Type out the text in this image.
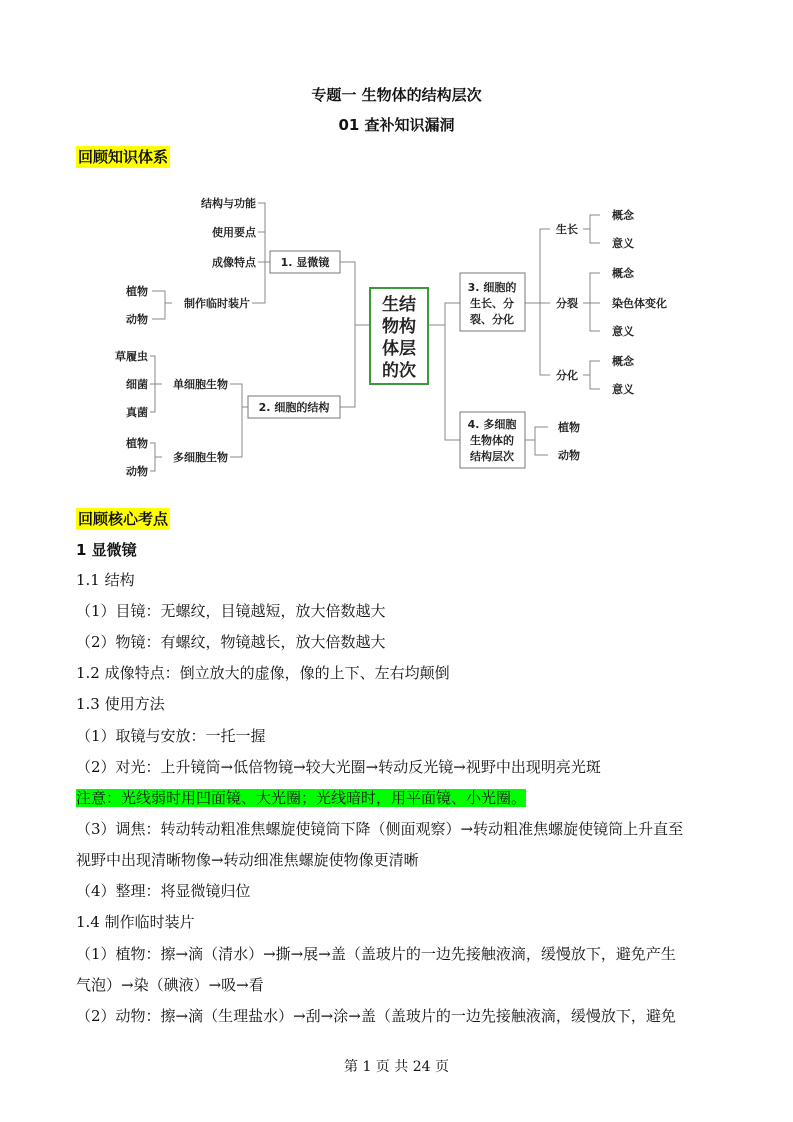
专题一 生物体的结构层次
01 查补知识漏洞
回顾知识体系
生结
物构
体层
的次
1. 显微镜
结构与功能
使用要点
成像特点
制作临时装片
植物
动物
2. 细胞的结构
单细胞生物
多细胞生物
草履虫
细菌
真菌
植物
动物
3. 细胞的
生长、分
裂、分化
生长
分裂
分化
概念
意义
概念
染色体变化
意义
概念
意义
4. 多细胞
生物体的
结构层次
植物
动物
回顾核心考点
1 显微镜
1.1 结构
（1）目镜：无螺纹，目镜越短，放大倍数越大
（2）物镜：有螺纹，物镜越长，放大倍数越大
1.2 成像特点：倒立放大的虚像，像的上下、左右均颠倒
1.3 使用方法
（1）取镜与安放：一托一握
（2）对光：上升镜筒→低倍物镜→较大光圈→转动反光镜→视野中出现明亮光斑
注意：光线弱时用凹面镜、大光圈；光线暗时，用平面镜、小光圈。
（3）调焦：转动转动粗准焦螺旋使镜筒下降（侧面观察）→转动粗准焦螺旋使镜筒上升直至
视野中出现清晰物像→转动细准焦螺旋使物像更清晰
（4）整理：将显微镜归位
1.4 制作临时装片
（1）植物：擦→滴（清水）→撕→展→盖（盖玻片的一边先接触液滴，缓慢放下，避免产生
气泡）→染（碘液）→吸→看
（2）动物：擦→滴（生理盐水）→刮→涂→盖（盖玻片的一边先接触液滴，缓慢放下，避免
第 1 页 共 24 页
